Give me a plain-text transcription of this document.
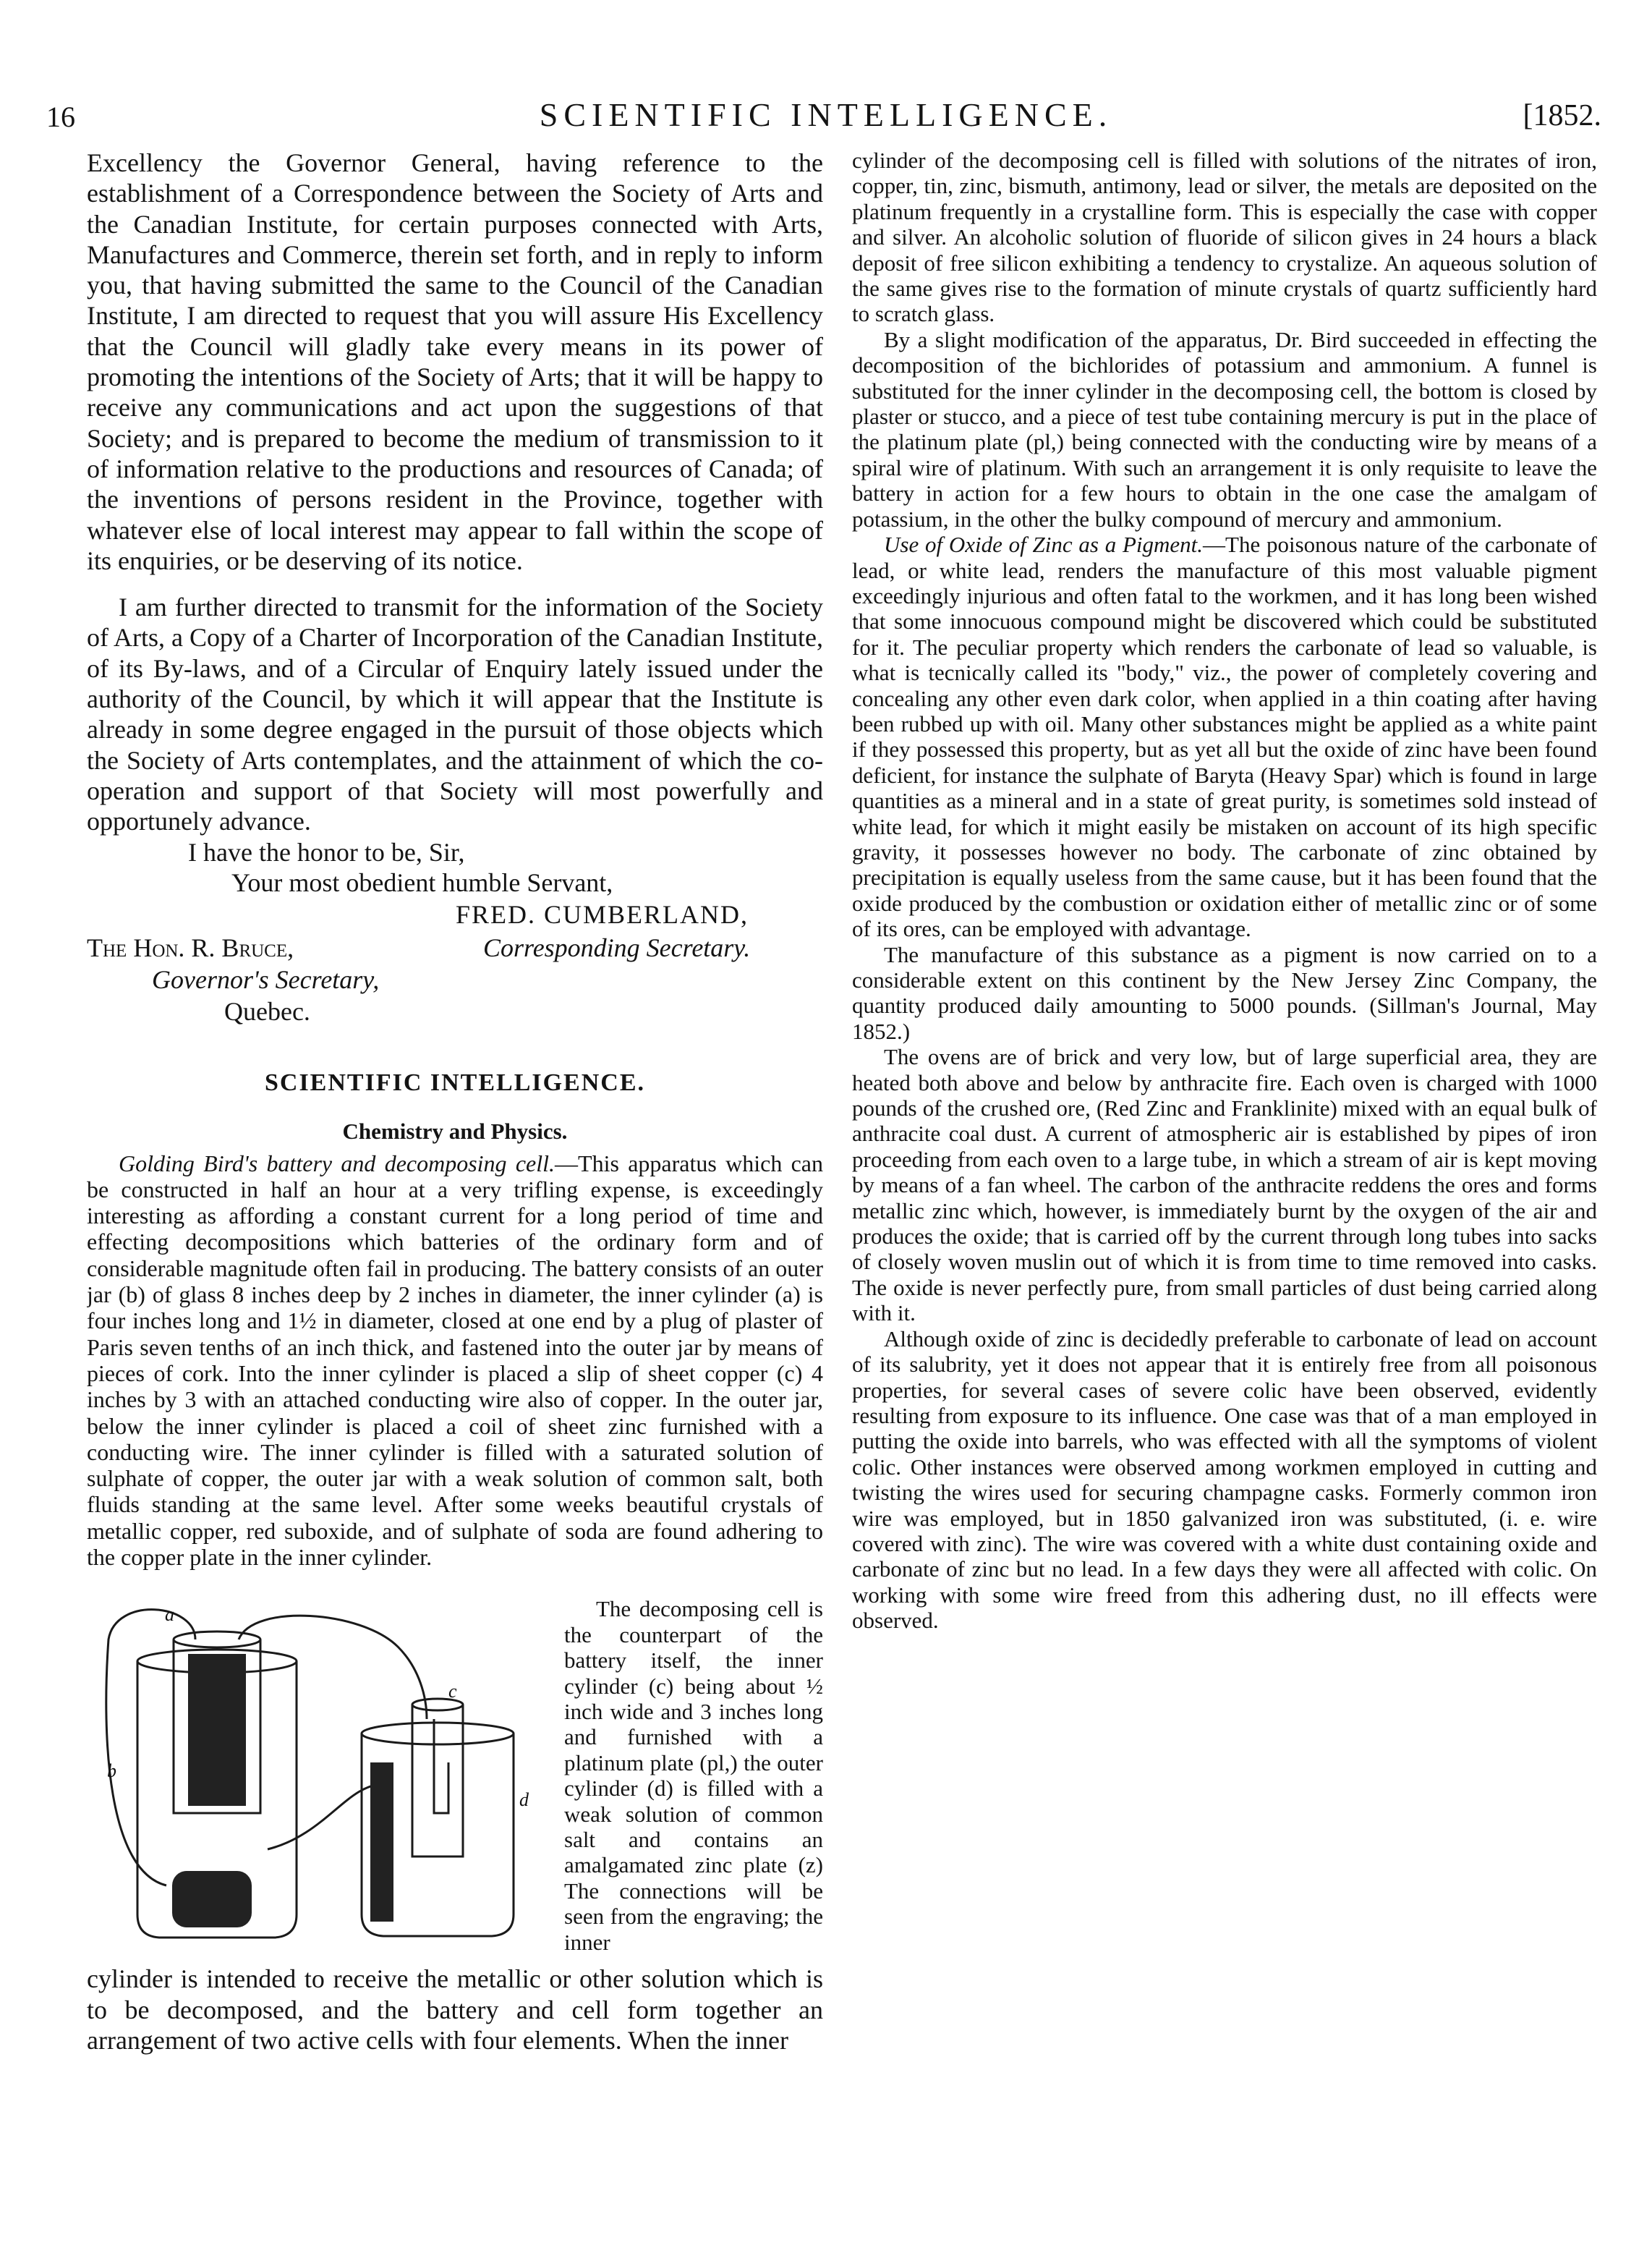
16	SCIENTIFIC INTELLIGENCE.	[1852.

Excellency the Governor General, having reference to the establishment of a Correspondence between the Society of Arts and the Canadian Institute, for certain purposes connected with Arts, Manufactures and Commerce, therein set forth, and in reply to inform you, that having submitted the same to the Council of the Canadian Institute, I am directed to request that you will assure His Excellency that the Council will gladly take every means in its power of promoting the intentions of the Society of Arts; that it will be happy to receive any communications and act upon the suggestions of that Society; and is prepared to become the medium of transmission to it of information relative to the productions and resources of Canada; of the inventions of persons resident in the Province, together with whatever else of local interest may appear to fall within the scope of its enquiries, or be deserving of its notice.

I am further directed to transmit for the information of the Society of Arts, a Copy of a Charter of Incorporation of the Canadian Institute, of its By-laws, and of a Circular of Enquiry lately issued under the authority of the Council, by which it will appear that the Institute is already in some degree engaged in the pursuit of those objects which the Society of Arts contemplates, and the attainment of which the co-operation and support of that Society will most powerfully and opportunely advance.

I have the honor to be, Sir,
Your most obedient humble Servant,
FRED. CUMBERLAND,
The Hon. R. Bruce,	Corresponding Secretary.
Governor's Secretary,
Quebec.
SCIENTIFIC INTELLIGENCE.
Chemistry and Physics.

Golding Bird's battery and decomposing cell.—This apparatus which can be constructed in half an hour at a very trifling expense, is exceedingly interesting as affording a constant current for a long period of time and effecting decompositions which batteries of the ordinary form and of considerable magnitude often fail in producing. The battery consists of an outer jar (b) of glass 8 inches deep by 2 inches in diameter, the inner cylinder (a) is four inches long and 1½ in diameter, closed at one end by a plug of plaster of Paris seven tenths of an inch thick, and fastened into the outer jar by means of pieces of cork. Into the inner cylinder is placed a slip of sheet copper (c) 4 inches by 3 with an attached conducting wire also of copper. In the outer jar, below the inner cylinder is placed a coil of sheet zinc furnished with a conducting wire. The inner cylinder is filled with a saturated solution of sulphate of copper, the outer jar with a weak solution of common salt, both fluids standing at the same level. After some weeks beautiful crystals of metallic copper, red suboxide, and of sulphate of soda are found adhering to the copper plate in the inner cylinder.

a
b
c
d

The decomposing cell is the counterpart of the battery itself, the inner cylinder (c) being about ½ inch wide and 3 inches long and furnished with a platinum plate (pl,) the outer cylinder (d) is filled with a weak solution of common salt and contains an amalgamated zinc plate (z) The connections will be seen from the engraving; the inner

cylinder is intended to receive the metallic or other solution which is to be decomposed, and the battery and cell form together an arrangement of two active cells with four elements. When the inner

cylinder of the decomposing cell is filled with solutions of the nitrates of iron, copper, tin, zinc, bismuth, antimony, lead or silver, the metals are deposited on the platinum frequently in a crystalline form. This is especially the case with copper and silver. An alcoholic solution of fluoride of silicon gives in 24 hours a black deposit of free silicon exhibiting a tendency to crystalize. An aqueous solution of the same gives rise to the formation of minute crystals of quartz sufficiently hard to scratch glass.

By a slight modification of the apparatus, Dr. Bird succeeded in effecting the decomposition of the bichlorides of potassium and ammonium. A funnel is substituted for the inner cylinder in the decomposing cell, the bottom is closed by plaster or stucco, and a piece of test tube containing mercury is put in the place of the platinum plate (pl,) being connected with the conducting wire by means of a spiral wire of platinum. With such an arrangement it is only requisite to leave the battery in action for a few hours to obtain in the one case the amalgam of potassium, in the other the bulky compound of mercury and ammonium.

Use of Oxide of Zinc as a Pigment.—The poisonous nature of the carbonate of lead, or white lead, renders the manufacture of this most valuable pigment exceedingly injurious and often fatal to the workmen, and it has long been wished that some innocuous compound might be discovered which could be substituted for it. The peculiar property which renders the carbonate of lead so valuable, is what is tecnically called its "body," viz., the power of completely covering and concealing any other even dark color, when applied in a thin coating after having been rubbed up with oil. Many other substances might be applied as a white paint if they possessed this property, but as yet all but the oxide of zinc have been found deficient, for instance the sulphate of Baryta (Heavy Spar) which is found in large quantities as a mineral and in a state of great purity, is sometimes sold instead of white lead, for which it might easily be mistaken on account of its high specific gravity, it possesses however no body. The carbonate of zinc obtained by precipitation is equally useless from the same cause, but it has been found that the oxide produced by the combustion or oxidation either of metallic zinc or of some of its ores, can be employed with advantage.

The manufacture of this substance as a pigment is now carried on to a considerable extent on this continent by the New Jersey Zinc Company, the quantity produced daily amounting to 5000 pounds. (Sillman's Journal, May 1852.)

The ovens are of brick and very low, but of large superficial area, they are heated both above and below by anthracite fire. Each oven is charged with 1000 pounds of the crushed ore, (Red Zinc and Franklinite) mixed with an equal bulk of anthracite coal dust. A current of atmospheric air is established by pipes of iron proceeding from each oven to a large tube, in which a stream of air is kept moving by means of a fan wheel. The carbon of the anthracite reddens the ores and forms metallic zinc which, however, is immediately burnt by the oxygen of the air and produces the oxide; that is carried off by the current through long tubes into sacks of closely woven muslin out of which it is from time to time removed into casks. The oxide is never perfectly pure, from small particles of dust being carried along with it.

Although oxide of zinc is decidedly preferable to carbonate of lead on account of its salubrity, yet it does not appear that it is entirely free from all poisonous properties, for several cases of severe colic have been observed, evidently resulting from exposure to its influence. One case was that of a man employed in putting the oxide into barrels, who was effected with all the symptoms of violent colic. Other instances were observed among workmen employed in cutting and twisting the wires used for securing champagne casks. Formerly common iron wire was employed, but in 1850 galvanized iron was substituted, (i. e. wire covered with zinc). The wire was covered with a white dust containing oxide and carbonate of zinc but no lead. In a few days they were all affected with colic. On working with some wire freed from this adhering dust, no ill effects were observed.
